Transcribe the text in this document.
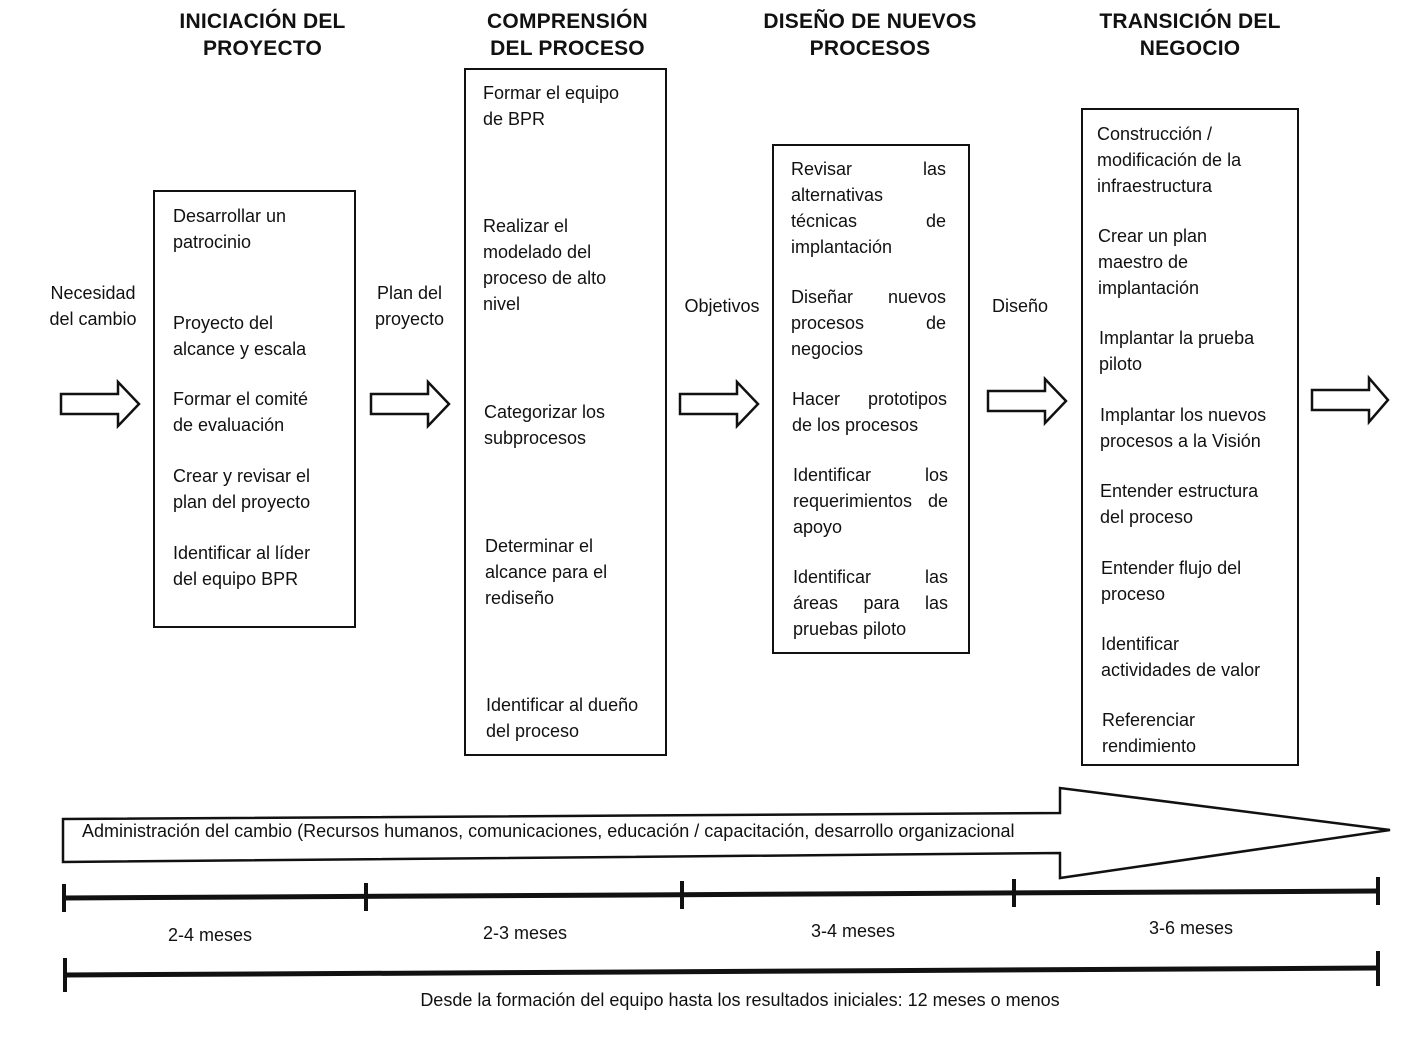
INICIACIÓN DEL
PROYECTO
COMPRENSIÓN
DEL PROCESO
DISEÑO DE NUEVOS
PROCESOS
TRANSICIÓN DEL
NEGOCIO
Necesidad
del cambio
Plan del
proyecto
Objetivos	Diseño
Desarrollar un
patrocinio
Proyecto del
alcance y escala
Formar el comité
de evaluación
Crear y revisar el
plan del proyecto
Identificar al líder
del equipo BPR
Formar el equipo
de BPR
Realizar el
modelado del
proceso de alto
nivel
Categorizar los
subprocesos
Determinar el
alcance para el
rediseño
Identificar al dueño
del proceso
Revisar las alternativas técnicas de
implantación
Diseñar nuevos procesos de
negocios
Hacer prototipos
de los procesos
Identificar los requerimientos de
apoyo
Identificar las áreas para las
pruebas piloto
Construcción /
modificación de la
infraestructura
Crear un plan
maestro de
implantación
Implantar la prueba
piloto
Implantar los nuevos
procesos a la Visión
Entender estructura
del proceso
Entender flujo del
proceso
Identificar
actividades de valor
Referenciar
rendimiento
Administración del cambio (Recursos humanos, comunicaciones, educación / capacitación, desarrollo organizacional
2-4 meses	2-3 meses	3-4 meses	3-6 meses
Desde la formación del equipo hasta los resultados iniciales: 12 meses o menos
